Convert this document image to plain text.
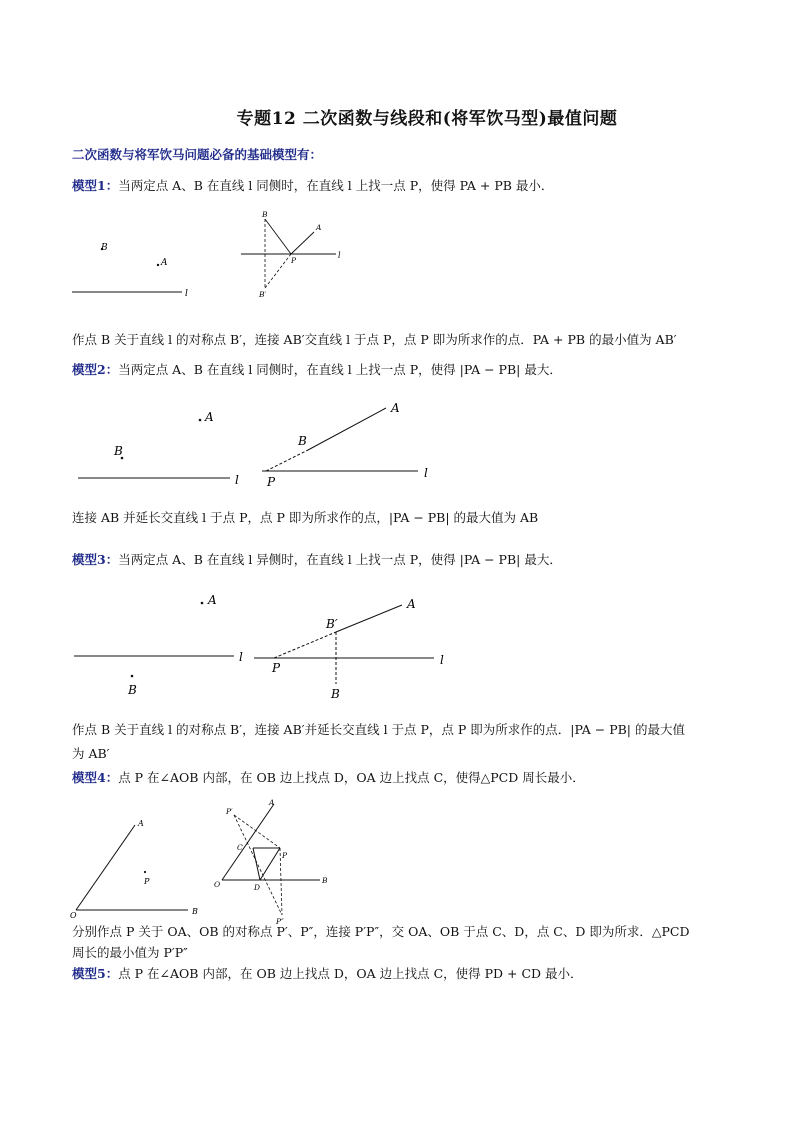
专题12 二次函数与线段和(将军饮马型)最值问题
二次函数与将军饮马问题必备的基础模型有：
模型1：当两定点 A、B 在直线 l 同侧时，在直线 l 上找一点 P，使得 PA + PB 最小．
B
A
l
l
B
A
P
B′
作点 B 关于直线 l 的对称点 B′，连接 AB′交直线 l 于点 P，点 P 即为所求作的点．PA + PB 的最小值为 AB′
模型2：当两定点 A、B 在直线 l 同侧时，在直线 l 上找一点 P，使得 |PA − PB| 最大．
A
B
l	l
A
B
P
连接 AB 并延长交直线 l 于点 P，点 P 即为所求作的点，|PA − PB| 的最大值为 AB
模型3：当两定点 A、B 在直线 l 异侧时，在直线 l 上找一点 P，使得 |PA − PB| 最大．
A
l
B
l
A
B′
P
B
作点 B 关于直线 l 的对称点 B′，连接 AB′并延长交直线 l 于点 P，点 P 即为所求作的点．|PA − PB| 的最大值
为 AB′
模型4：点 P 在∠AOB 内部，在 OB 边上找点 D，OA 边上找点 C，使得△PCD 周长最小．
A
B
O
P
P′
A
C
P
O	D
B
P″
分别作点 P 关于 OA、OB 的对称点 P′、P″，连接 P′P″，交 OA、OB 于点 C、D，点 C、D 即为所求．△PCD
周长的最小值为 P′P″
模型5：点 P 在∠AOB 内部，在 OB 边上找点 D，OA 边上找点 C，使得 PD + CD 最小．
